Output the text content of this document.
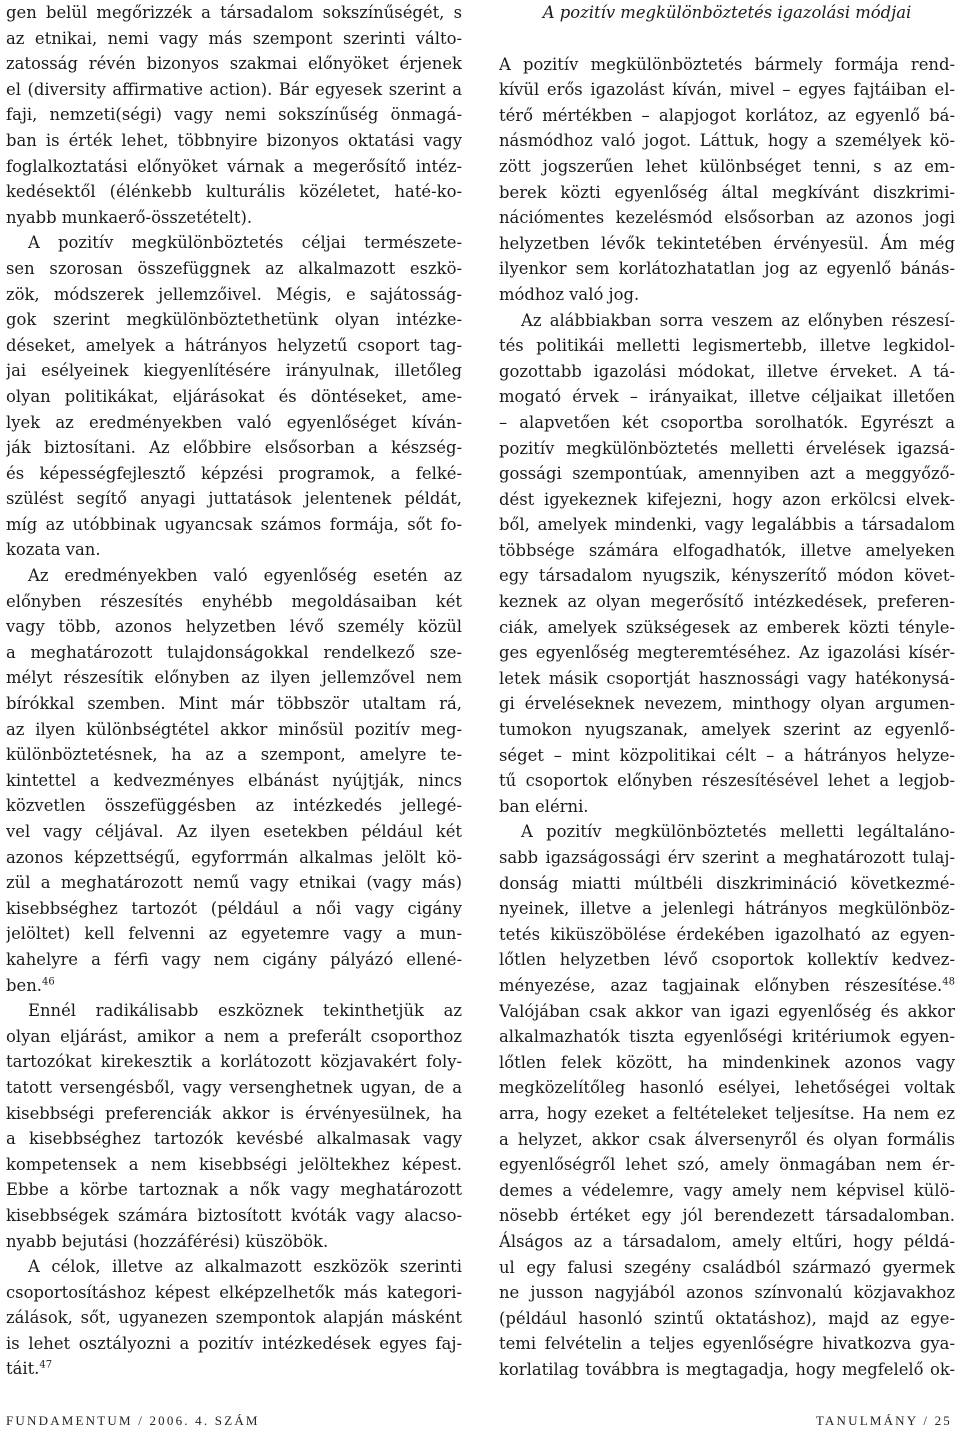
gen belül megőrizzék a társadalom sokszínűségét, s
az etnikai, nemi vagy más szempont szerinti válto-
zatosság révén bizonyos szakmai előnyöket érjenek
el (diversity affirmative action). Bár egyesek szerint a
faji, nemzeti(ségi) vagy nemi sokszínűség önmagá-
ban is érték lehet, többnyire bizonyos oktatási vagy
foglalkoztatási előnyöket várnak a megerősítő intéz-
kedésektől (élénkebb kulturális közéletet, haté-ko-
nyabb munkaerő-összetételt).
A pozitív megkülönböztetés céljai természete-
sen szorosan összefüggnek az alkalmazott eszkö-
zök, módszerek jellemzőivel. Mégis, e sajátosság-
gok szerint megkülönböztethetünk olyan intézke-
déseket, amelyek a hátrányos helyzetű csoport tag-
jai esélyeinek kiegyenlítésére irányulnak, illetőleg
olyan politikákat, eljárásokat és döntéseket, ame-
lyek az eredményekben való egyenlőséget kíván-
ják biztosítani. Az előbbire elsősorban a készség-
és képességfejlesztő képzési programok, a felké-
szülést segítő anyagi juttatások jelentenek példát,
míg az utóbbinak ugyancsak számos formája, sőt fo-
kozata van.
Az eredményekben való egyenlőség esetén az
előnyben részesítés enyhébb megoldásaiban két
vagy több, azonos helyzetben lévő személy közül
a meghatározott tulajdonságokkal rendelkező sze-
mélyt részesítik előnyben az ilyen jellemzővel nem
bírókkal szemben. Mint már többször utaltam rá,
az ilyen különbségtétel akkor minősül pozitív meg-
különböztetésnek, ha az a szempont, amelyre te-
kintettel a kedvezményes elbánást nyújtják, nincs
közvetlen összefüggésben az intézkedés jellegé-
vel vagy céljával. Az ilyen esetekben például két
azonos képzettségű, egyforrmán alkalmas jelölt kö-
zül a meghatározott nemű vagy etnikai (vagy más)
kisebbséghez tartozót (például a női vagy cigány
jelöltet) kell felvenni az egyetemre vagy a mun-
kahelyre a férfi vagy nem cigány pályázó ellené-
ben.$^{46}$
Ennél radikálisabb eszköznek tekinthetjük az
olyan eljárást, amikor a nem a preferált csoporthoz
tartozókat kirekesztik a korlátozott közjavakért foly-
tatott versengésből, vagy versenghetnek ugyan, de a
kisebbségi preferenciák akkor is érvényesülnek, ha
a kisebbséghez tartozók kevésbé alkalmasak vagy
kompetensek a nem kisebbségi jelöltekhez képest.
Ebbe a körbe tartoznak a nők vagy meghatározott
kisebbségek számára biztosított kvóták vagy alacso-
nyabb bejutási (hozzáférési) küszöbök.
A célok, illetve az alkalmazott eszközök szerinti
csoportosításhoz képest elképzelhetők más kategori-
zálások, sőt, ugyanezen szempontok alapján másként
is lehet osztályozni a pozitív intézkedések egyes faj-
táit.$^{47}$
A pozitív megkülönböztetés igazolási módjai
A pozitív megkülönböztetés bármely formája rend-
kívül erős igazolást kíván, mivel – egyes fajtáiban el-
térő mértékben – alapjogot korlátoz, az egyenlő bá-
násmódhoz való jogot. Láttuk, hogy a személyek kö-
zött jogszerűen lehet különbséget tenni, s az em-
berek közti egyenlőség által megkívánt diszkrimi-
nációmentes kezelésmód elsősorban az azonos jogi
helyzetben lévők tekintetében érvényesül. Ám még
ilyenkor sem korlátozhatatlan jog az egyenlő bánás-
módhoz való jog.
Az alábbiakban sorra veszem az előnyben részesí-
tés politikái melletti legismertebb, illetve legkidol-
gozottabb igazolási módokat, illetve érveket. A tá-
mogató érvek – irányaikat, illetve céljaikat illetően
– alapvetően két csoportba sorolhatók. Egyrészt a
pozitív megkülönböztetés melletti érvelések igazsá-
gossági szempontúak, amennyiben azt a meggyőző-
dést igyekeznek kifejezni, hogy azon erkölcsi elvek-
ből, amelyek mindenki, vagy legalábbis a társadalom
többsége számára elfogadhatók, illetve amelyeken
egy társadalom nyugszik, kényszerítő módon követ-
keznek az olyan megerősítő intézkedések, preferen-
ciák, amelyek szükségesek az emberek közti tényle-
ges egyenlőség megteremtéséhez. Az igazolási kísér-
letek másik csoportját hasznossági vagy hatékonysá-
gi érveléseknek nevezem, minthogy olyan argumen-
tumokon nyugszanak, amelyek szerint az egyenlő-
séget – mint közpolitikai célt – a hátrányos helyze-
tű csoportok előnyben részesítésével lehet a legjob-
ban elérni.
A pozitív megkülönböztetés melletti legáltaláno-
sabb igazságossági érv szerint a meghatározott tulaj-
donság miatti múltbéli diszkrimináció következmé-
nyeinek, illetve a jelenlegi hátrányos megkülönböz-
tetés kiküszöbölése érdekében igazolható az egyen-
lőtlen helyzetben lévő csoportok kollektív kedvez-
ményezése, azaz tagjainak előnyben részesítése.$^{48}$
Valójában csak akkor van igazi egyenlőség és akkor
alkalmazhatók tiszta egyenlőségi kritériumok egyen-
lőtlen felek között, ha mindenkinek azonos vagy
megközelítőleg hasonló esélyei, lehetőségei voltak
arra, hogy ezeket a feltételeket teljesítse. Ha nem ez
a helyzet, akkor csak álversenyről és olyan formális
egyenlőségről lehet szó, amely önmagában nem ér-
demes a védelemre, vagy amely nem képvisel külö-
nösebb értéket egy jól berendezett társadalomban.
Álságos az a társadalom, amely eltűri, hogy példá-
ul egy falusi szegény családból származó gyermek
ne jusson nagyjából azonos színvonalú közjavakhoz
(például hasonló szintű oktatáshoz), majd az egye-
temi felvételin a teljes egyenlőségre hivatkozva gya-
korlatilag továbbra is megtagadja, hogy megfelelő ok-
FUNDAMENTUM / 2006. 4. SZÁM	TANULMÁNY / 25
